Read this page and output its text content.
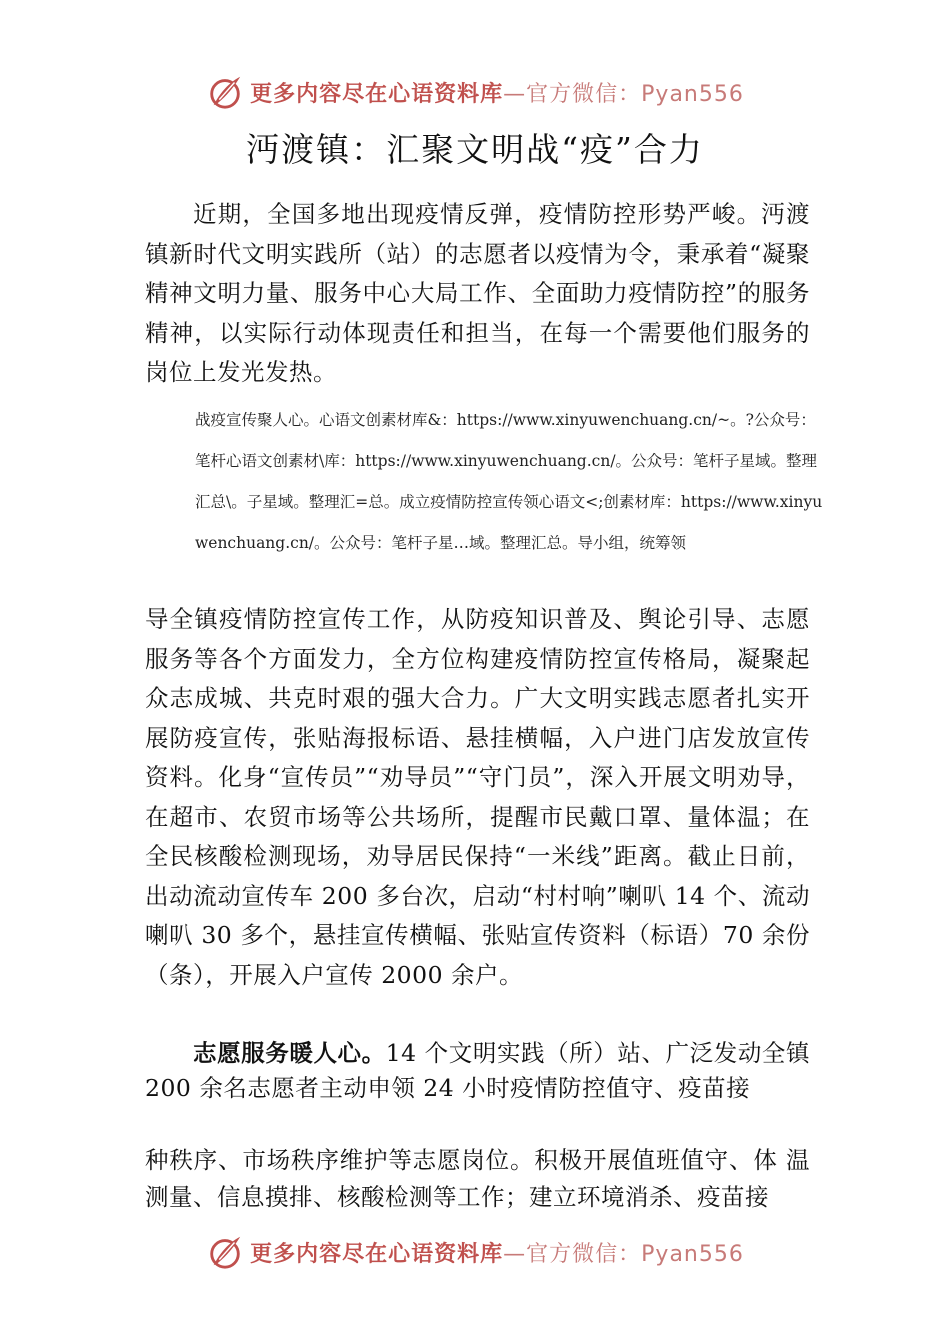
更多内容尽在心语资料库—官方微信：Pyan556
沔渡镇：汇聚文明战“疫”合力

近期，全国多地出现疫情反弹，疫情防控形势严峻。沔渡镇新时代文明实践所（站）的志愿者以疫情为令，秉承着“凝聚精神文明力量、服务中心大局工作、全面助力疫情防控”的服务精神，以实际行动体现责任和担当，在每一个需要他们服务的岗位上发光发热。

战疫宣传聚人心。心语文创素材库&：https://www.xinyuwenchuang.cn/~。?公众号：笔杆心语文创素材\库：https://www.xinyuwenchuang.cn/。公众号：笔杆子星域。整理汇总\。子星域。整理汇=总。成立疫情防控宣传领心语文<;创素材库：https://www.xinyuwenchuang.cn/。公众号：笔杆子星…域。整理汇总。导小组，统筹领

导全镇疫情防控宣传工作，从防疫知识普及、舆论引导、志愿服务等各个方面发力，全方位构建疫情防控宣传格局，凝聚起众志成城、共克时艰的强大合力。广大文明实践志愿者扎实开展防疫宣传，张贴海报标语、悬挂横幅，入户进门店发放宣传资料。化身“宣传员”“劝导员”“守门员”，深入开展文明劝导，在超市、农贸市场等公共场所，提醒市民戴口罩、量体温；在全民核酸检测现场，劝导居民保持“一米线”距离。截止日前，出动流动宣传车 200 多台次，启动“村村响”喇叭 14 个、流动喇叭 30 多个，悬挂宣传横幅、张贴宣传资料（标语）70 余份（条），开展入户宣传 2000 余户。

志愿服务暖人心。14 个文明实践（所）站、广泛发动全镇 200 余名志愿者主动申领 24 小时疫情防控值守、疫苗接

种秩序、市场秩序维护等志愿岗位。积极开展值班值守、体 温测量、信息摸排、核酸检测等工作；建立环境消杀、疫苗接

更多内容尽在心语资料库—官方微信：Pyan556
